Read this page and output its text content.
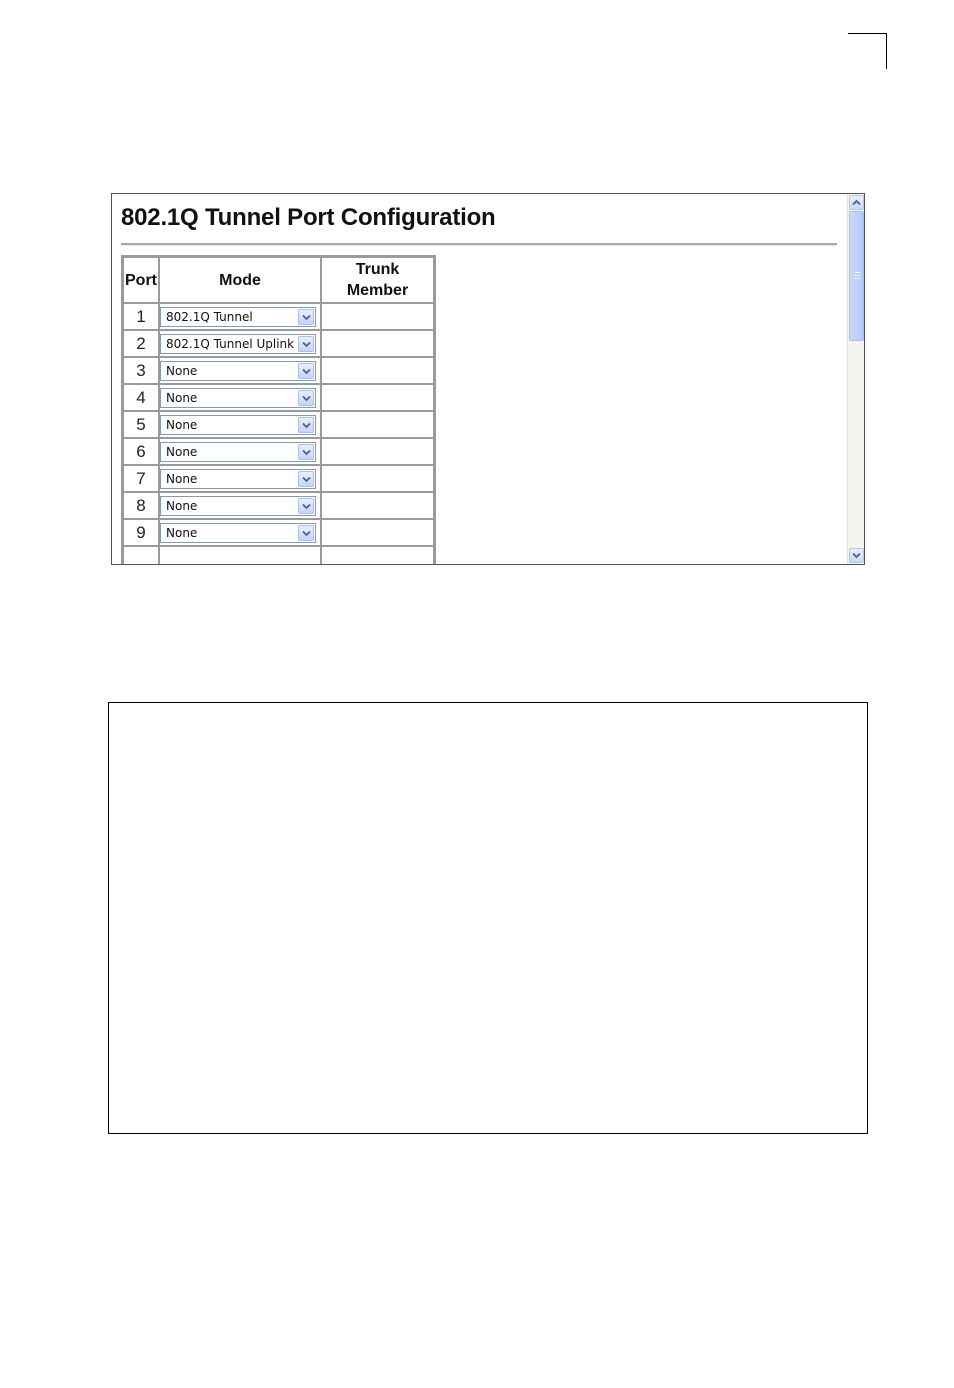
802.1Q Tunnel Port Configuration
Port	Mode	Trunk
Member
1	802.1Q Tunnel	

2	802.1Q Tunnel Uplink	

3	None	

4	None	

5	None	

6	None	

7	None	

8	None	

9	None	
